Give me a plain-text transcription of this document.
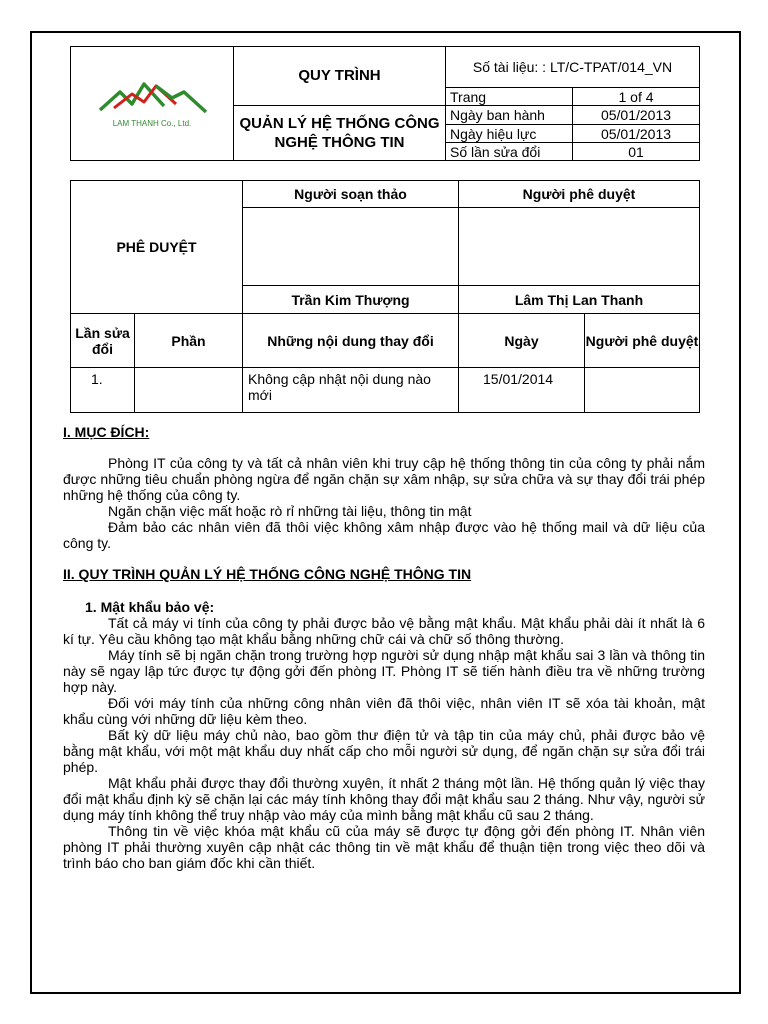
LAM THANH Co., Ltd.	QUY TRÌNH	Số tài liệu: : LT/C-TPAT/014_VN	
		Trang	1 of 4
	QUẢN LÝ HỆ THỐNG CÔNG NGHỆ THÔNG TIN	Ngày ban hành	05/01/2013
		Ngày hiệu lực	05/01/2013
		Số lần sửa đổi	01
PHÊ DUYỆT		Người soạn thảo	Người phê duyệt	

		Trần Kim Thượng	Lâm Thị Lan Thanh	
Lần sửa đổi	Phần	Những nội dung thay đổi	Ngày	Người phê duyệt
1.		Không cập nhật nội dung nào mới	15/01/2014	
I. MỤC ĐÍCH:
Phòng IT của công ty và tất cả nhân viên khi truy cập hệ thống thông tin của công ty phải nắm được những tiêu chuẩn phòng ngừa để ngăn chặn sự xâm nhập, sự sửa chữa và sự thay đổi trái phép những hệ thống của công ty.
Ngăn chặn việc mất hoặc rò rỉ những tài liệu, thông tin mật
Đảm bảo các nhân viên đã thôi việc không xâm nhập được vào hệ thống mail và dữ liệu của công ty.
II. QUY TRÌNH QUẢN LÝ HỆ THỐNG CÔNG NGHỆ THÔNG TIN
1. Mật khẩu bảo vệ:
Tất cả máy vi tính của công ty phải được bảo vệ bằng mật khẩu. Mật khẩu phải dài ít nhất là 6 kí tự. Yêu cầu không tạo mật khẩu bằng những chữ cái và chữ số thông thường.
Máy tính sẽ bị ngăn chặn trong trường hợp người sử dụng nhập mật khẩu sai 3 lần và thông tin này sẽ ngay lập tức được tự động gởi đến phòng IT. Phòng IT sẽ tiến hành điều tra về những trường hợp này.
Đối với máy tính của những công nhân viên đã thôi việc, nhân viên IT sẽ xóa tài khoản, mật khẩu cùng với những dữ liệu kèm theo.
Bất kỳ dữ liệu máy chủ nào, bao gồm thư điện tử và tập tin của máy chủ, phải được bảo vệ bằng mật khẩu, với một mật khẩu duy nhất cấp cho mỗi người sử dụng, để ngăn chặn sự sửa đổi trái phép.
Mật khẩu phải được thay đổi thường xuyên, ít nhất 2 tháng một lần. Hệ thống quản lý việc thay đổi mật khẩu định kỳ sẽ chặn lại các máy tính không thay đổi mật khẩu sau 2 tháng. Như vậy, người sử dụng máy tính không thể truy nhập vào máy của mình bằng mật khẩu cũ sau 2 tháng.
Thông tin về việc khóa mật khẩu cũ của máy sẽ được tự động gởi đến phòng IT. Nhân viên phòng IT phải thường xuyên cập nhật các thông tin về mật khẩu để thuận tiện trong việc theo dõi và trình báo cho ban giám đốc khi cần thiết.
